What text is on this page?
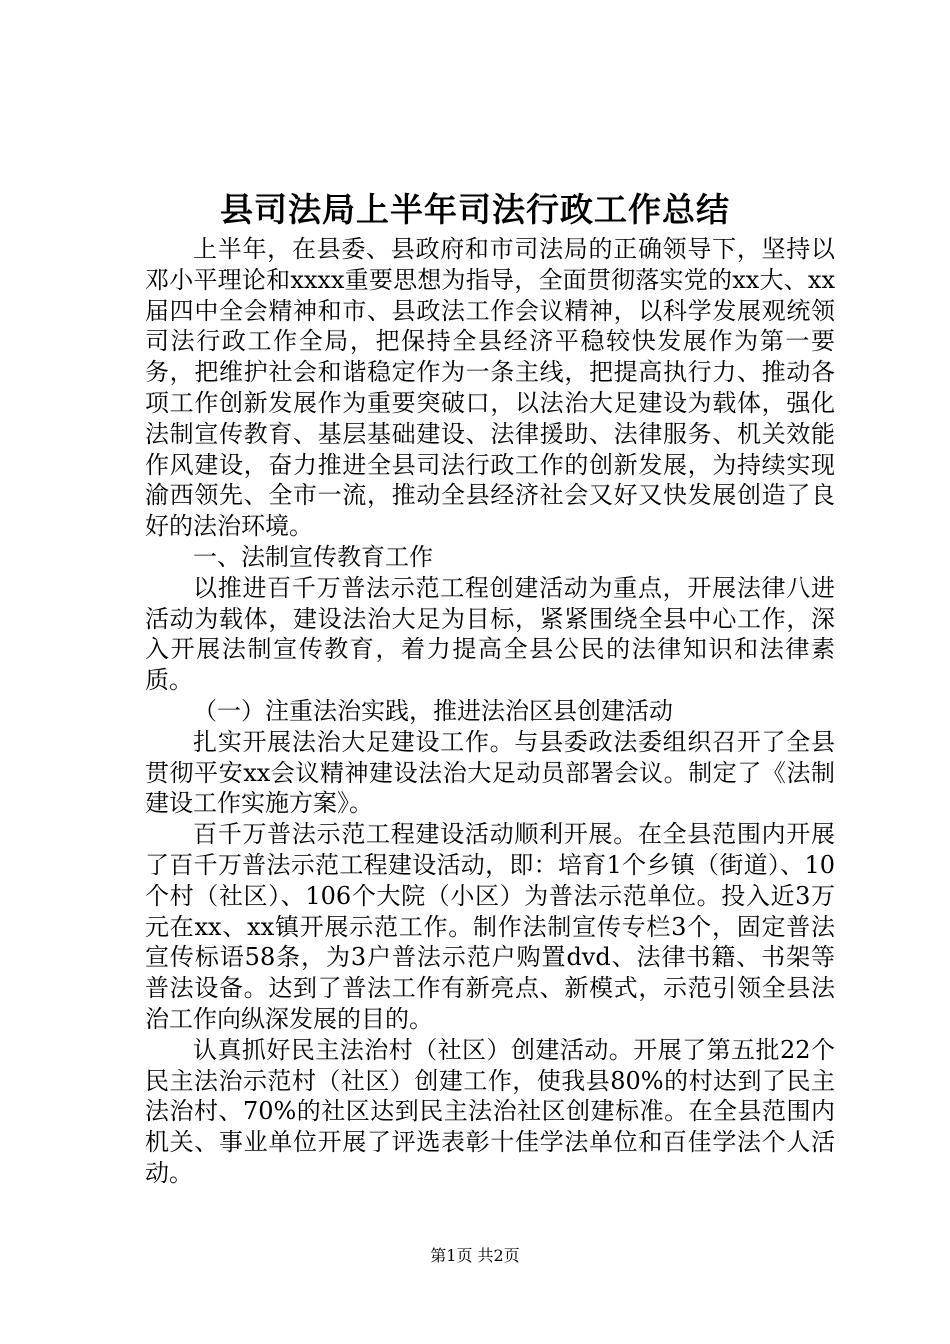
县司法局上半年司法行政工作总结

上半年，在县委、县政府和市司法局的正确领导下，坚持以邓小平理论和xxxx重要思想为指导，全面贯彻落实党的xx大、xx届四中全会精神和市、县政法工作会议精神，以科学发展观统领司法行政工作全局，把保持全县经济平稳较快发展作为第一要务，把维护社会和谐稳定作为一条主线，把提高执行力、推动各项工作创新发展作为重要突破口，以法治大足建设为载体，强化法制宣传教育、基层基础建设、法律援助、法律服务、机关效能作风建设，奋力推进全县司法行政工作的创新发展，为持续实现渝西领先、全市一流，推动全县经济社会又好又快发展创造了良好的法治环境。

一、法制宣传教育工作

以推进百千万普法示范工程创建活动为重点，开展法律八进活动为载体，建设法治大足为目标，紧紧围绕全县中心工作，深入开展法制宣传教育，着力提高全县公民的法律知识和法律素质。

（一）注重法治实践，推进法治区县创建活动

扎实开展法治大足建设工作。与县委政法委组织召开了全县贯彻平安xx会议精神建设法治大足动员部署会议。制定了《法制建设工作实施方案》。

百千万普法示范工程建设活动顺利开展。在全县范围内开展了百千万普法示范工程建设活动，即：培育1个乡镇（街道）、10个村（社区）、106个大院（小区）为普法示范单位。投入近3万元在xx、xx镇开展示范工作。制作法制宣传专栏3个，固定普法宣传标语58条，为3户普法示范户购置dvd、法律书籍、书架等普法设备。达到了普法工作有新亮点、新模式，示范引领全县法治工作向纵深发展的目的。

认真抓好民主法治村（社区）创建活动。开展了第五批22个民主法治示范村（社区）创建工作，使我县80%的村达到了民主法治村、70%的社区达到民主法治社区创建标准。在全县范围内机关、事业单位开展了评选表彰十佳学法单位和百佳学法个人活动。

第1页 共2页
